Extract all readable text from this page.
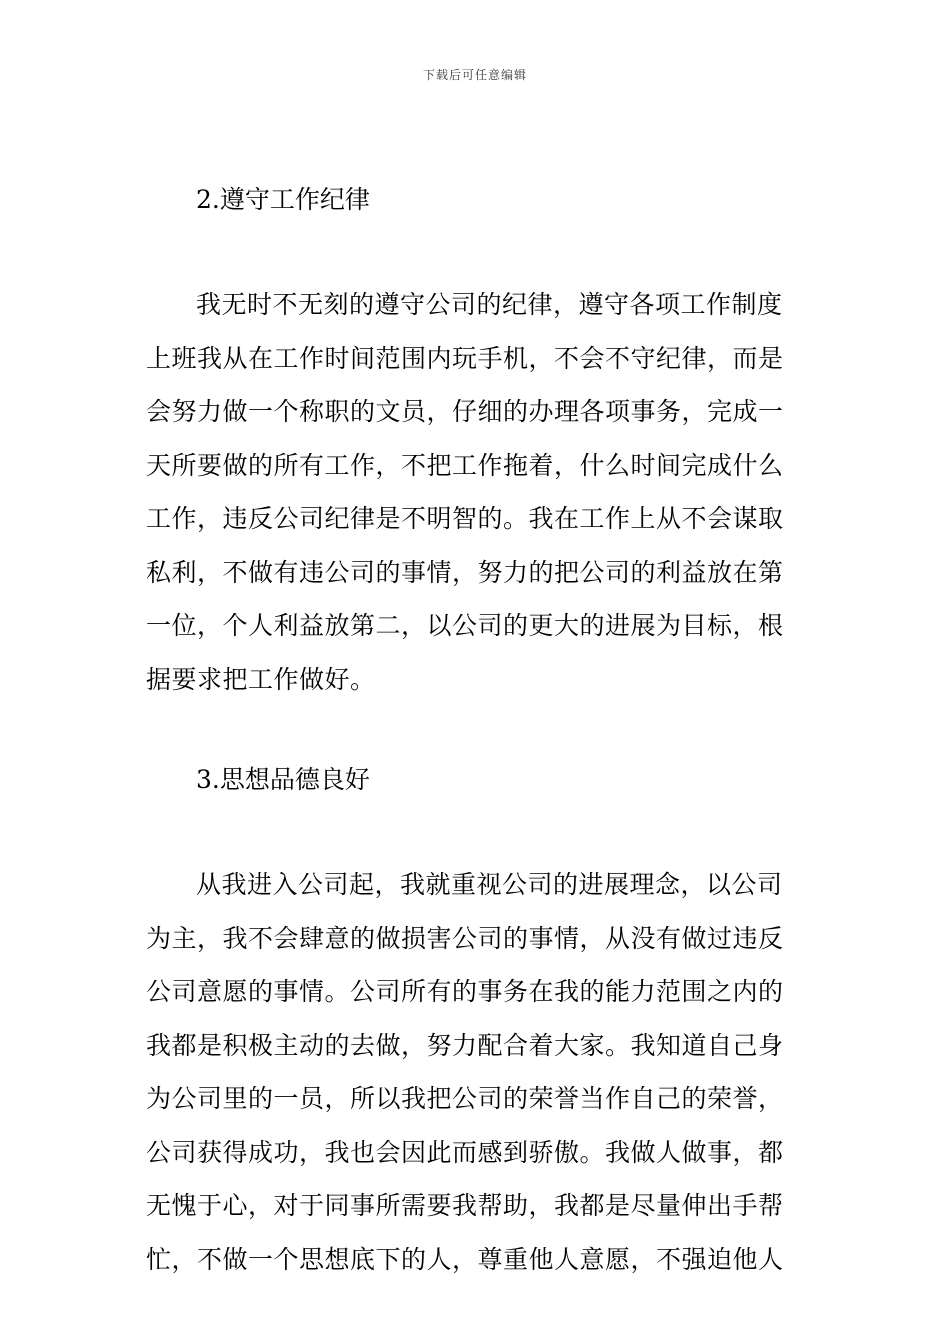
下载后可任意编辑

2.遵守工作纪律

我无时不无刻的遵守公司的纪律，遵守各项工作制度
上班我从在工作时间范围内玩手机，不会不守纪律，而是
会努力做一个称职的文员，仔细的办理各项事务，完成一
天所要做的所有工作，不把工作拖着，什么时间完成什么
工作，违反公司纪律是不明智的。我在工作上从不会谋取
私利，不做有违公司的事情，努力的把公司的利益放在第
一位，个人利益放第二，以公司的更大的进展为目标，根
据要求把工作做好。

3.思想品德良好

从我进入公司起，我就重视公司的进展理念，以公司
为主，我不会肆意的做损害公司的事情，从没有做过违反
公司意愿的事情。公司所有的事务在我的能力范围之内的
我都是积极主动的去做，努力配合着大家。我知道自己身
为公司里的一员，所以我把公司的荣誉当作自己的荣誉，
公司获得成功，我也会因此而感到骄傲。我做人做事，都
无愧于心，对于同事所需要我帮助，我都是尽量伸出手帮
忙，不做一个思想底下的人，尊重他人意愿，不强迫他人
